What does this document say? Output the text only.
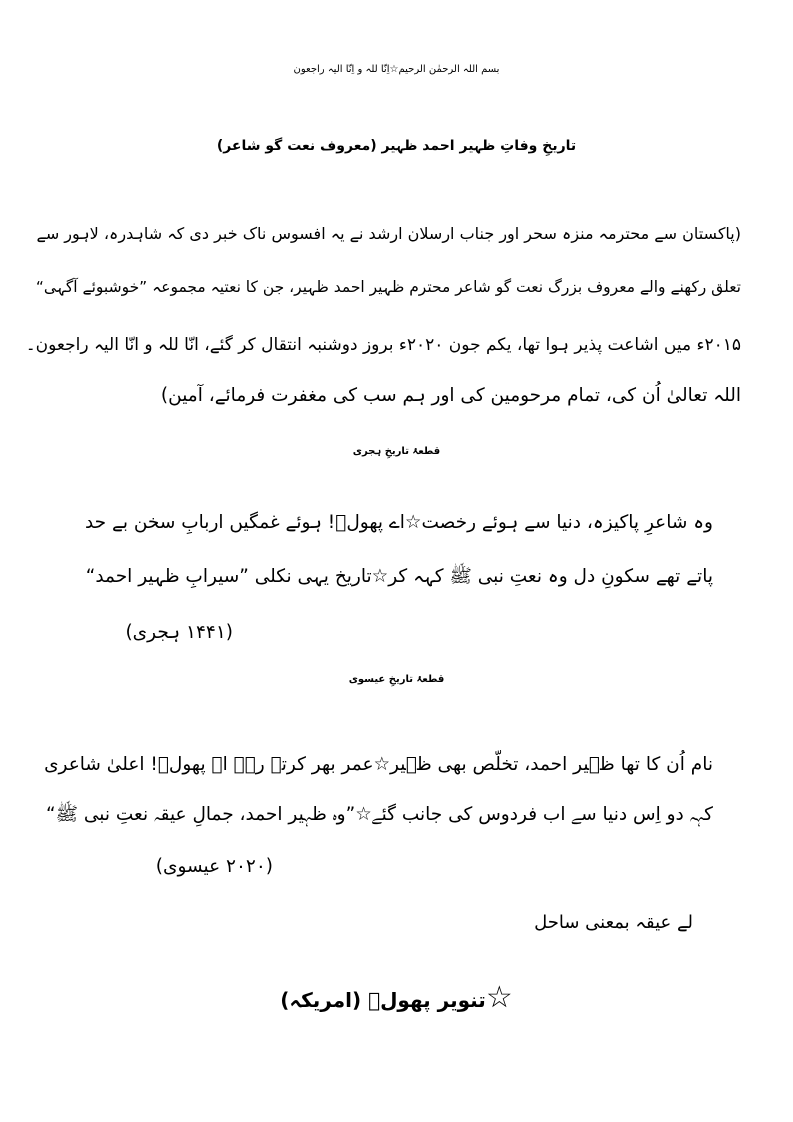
بسم اللہ الرحمٰن الرحیم☆اِنّا للہ و اِنّا الیہ راجعون
تاریخِ وفاتِ ظہیر احمد ظہیر (معروف نعت گو شاعر)
(پاکستان سے محترمہ منزہ سحر اور جناب ارسلان ارشد نے یہ افسوس ناک خبر دی کہ شاہدرہ، لاہور سے
تعلق رکھنے والے معروف بزرگ نعت گو شاعر محترم ظہیر احمد ظہیر، جن کا نعتیہ مجموعہ ”خوشبوئے آگہی“
۲۰۱۵ء میں اشاعت پذیر ہوا تھا، یکم جون ۲۰۲۰ء بروز دوشنبہ انتقال کر گئے، انّا للہ و انّا الیہ راجعون۔
اللہ تعالیٰ اُن کی، تمام مرحومین کی اور ہم سب کی مغفرت فرمائے، آمین)
قطعۂ تاریخِ ہجری
وہ شاعرِ پاکیزہ، دنیا سے ہوئے رخصت☆اے پھولؔ! ہوئے غمگیں اربابِ سخن بے حد
پاتے تھے سکونِ دل وہ نعتِ نبی ﷺ کہہ کر☆تاریخ یہی نکلی ”سیرابِ ظہیر احمد“
(۱۴۴۱ ہجری)
قطعۂ تاریخِ عیسوی
نام اُن کا تھا ظہیر احمد، تخلّص بھی ظہیر☆عمر بھر کرتے رہے اے پھولؔ! اعلیٰ شاعری
کہہ دو اِس دنیا سے اب فردوس کی جانب گئے☆”وہ ظہیر احمد، جمالِ عیقہ نعتِ نبی ﷺ“
(۲۰۲۰ عیسوی)
لے عیقہ بمعنی ساحل
☆تنویر پھولؔ (امریکہ)
